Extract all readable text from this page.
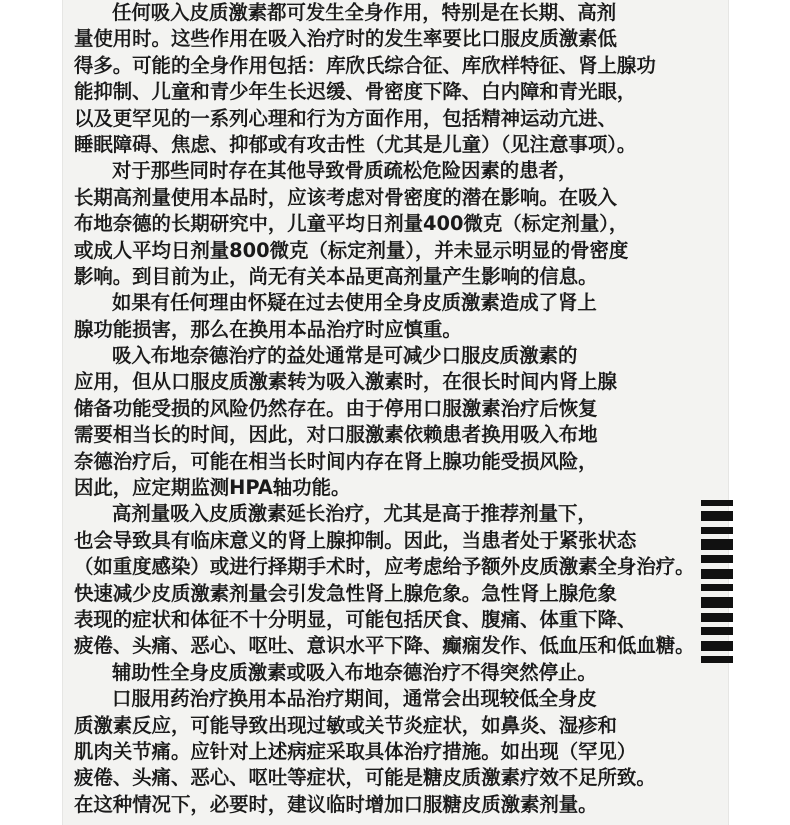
任何吸入皮质激素都可发生全身作用，特别是在长期、高剂
量使用时。这些作用在吸入治疗时的发生率要比口服皮质激素低
得多。可能的全身作用包括：库欣氏综合征、库欣样特征、肾上腺功
能抑制、儿童和青少年生长迟缓、骨密度下降、白内障和青光眼，
以及更罕见的一系列心理和行为方面作用，包括精神运动亢进、
睡眠障碍、焦虑、抑郁或有攻击性（尤其是儿童）（见注意事项）。
对于那些同时存在其他导致骨质疏松危险因素的患者，
长期高剂量使用本品时，应该考虑对骨密度的潜在影响。在吸入
布地奈德的长期研究中，儿童平均日剂量400微克（标定剂量），
或成人平均日剂量800微克（标定剂量），并未显示明显的骨密度
影响。到目前为止，尚无有关本品更高剂量产生影响的信息。
如果有任何理由怀疑在过去使用全身皮质激素造成了肾上
腺功能损害，那么在换用本品治疗时应慎重。
吸入布地奈德治疗的益处通常是可减少口服皮质激素的
应用，但从口服皮质激素转为吸入激素时，在很长时间内肾上腺
储备功能受损的风险仍然存在。由于停用口服激素治疗后恢复
需要相当长的时间，因此，对口服激素依赖患者换用吸入布地
奈德治疗后，可能在相当长时间内存在肾上腺功能受损风险，
因此，应定期监测HPA轴功能。
高剂量吸入皮质激素延长治疗，尤其是高于推荐剂量下，
也会导致具有临床意义的肾上腺抑制。因此，当患者处于紧张状态
（如重度感染）或进行择期手术时，应考虑给予额外皮质激素全身治疗。
快速减少皮质激素剂量会引发急性肾上腺危象。急性肾上腺危象
表现的症状和体征不十分明显，可能包括厌食、腹痛、体重下降、
疲倦、头痛、恶心、呕吐、意识水平下降、癫痫发作、低血压和低血糖。
辅助性全身皮质激素或吸入布地奈德治疗不得突然停止。
口服用药治疗换用本品治疗期间，通常会出现较低全身皮
质激素反应，可能导致出现过敏或关节炎症状，如鼻炎、湿疹和
肌肉关节痛。应针对上述病症采取具体治疗措施。如出现（罕见）
疲倦、头痛、恶心、呕吐等症状，可能是糖皮质激素疗效不足所致。
在这种情况下，必要时，建议临时增加口服糖皮质激素剂量。
